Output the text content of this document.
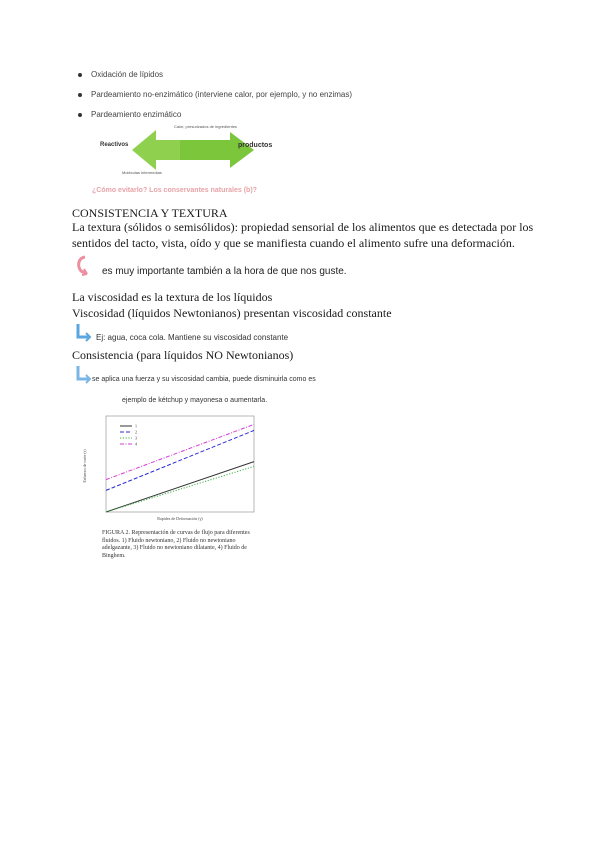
Oxidación de lípidos
Pardeamiento no-enzimático (interviene calor, por ejemplo, y no enzimas)
Pardeamiento enzimático
Calor, presurizados de ingredientes
Reactivos	productos
Moléculas intermedias
¿Cómo evitarlo? Los conservantes naturales (b)?
CONSISTENCIA Y TEXTURA
La textura (sólidos o semisólidos): propiedad sensorial de los alimentos que es detectada por los
sentidos del tacto, vista, oído y que se manifiesta cuando el alimento sufre una deformación.
es muy importante también a la hora de que nos guste.
La viscosidad es la textura de los líquidos
Viscosidad (líquidos Newtonianos) presentan viscosidad constante
Ej: agua, coca cola. Mantiene su viscosidad constante
Consistencia (para líquidos NO Newtonianos)
se aplica una fuerza y su viscosidad cambia, puede disminuirla como es
ejemplo de kétchup y mayonesa o aumentarla.
Esfuerzo de corte (τ)
Rapidez de Deformación (γ̇)
1
2
3
4
FIGURA 2. Representación de curvas de flujo para diferentes fluidos. 1) Fluido newtoniano, 2) Fluido no newtoniano adelgazante, 3) Fluido no newtoniano dilatante, 4) Fluido de Binghem.
